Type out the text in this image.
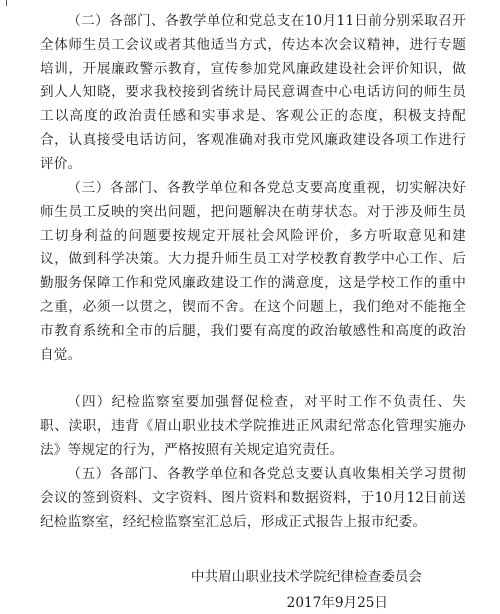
（二）各部门、各教学单位和党总支在10月11日前分别采取召开全体师生员工会议或者其他适当方式，传达本次会议精神，进行专题培训，开展廉政警示教育，宣传参加党风廉政建设社会评价知识，做到人人知晓，要求我校接到省统计局民意调查中心电话访问的师生员工以高度的政治责任感和实事求是、客观公正的态度，积极支持配合，认真接受电话访问，客观准确对我市党风廉政建设各项工作进行评价。

（三）各部门、各教学单位和各党总支要高度重视，切实解决好师生员工反映的突出问题，把问题解决在萌芽状态。对于涉及师生员工切身利益的问题要按规定开展社会风险评价，多方听取意见和建议，做到科学决策。大力提升师生员工对学校教育教学中心工作、后勤服务保障工作和党风廉政建设工作的满意度，这是学校工作的重中之重，必须一以贯之，锲而不舍。在这个问题上，我们绝对不能拖全市教育系统和全市的后腿，我们要有高度的政治敏感性和高度的政治自觉。

（四）纪检监察室要加强督促检查，对平时工作不负责任、失职、渎职，违背《眉山职业技术学院推进正风肃纪常态化管理实施办法》等规定的行为，严格按照有关规定追究责任。

（五）各部门、各教学单位和各党总支要认真收集相关学习贯彻会议的签到资料、文字资料、图片资料和数据资料，于10月12日前送纪检监察室，经纪检监察室汇总后，形成正式报告上报市纪委。

中共眉山职业技术学院纪律检查委员会
2017年9月25日
